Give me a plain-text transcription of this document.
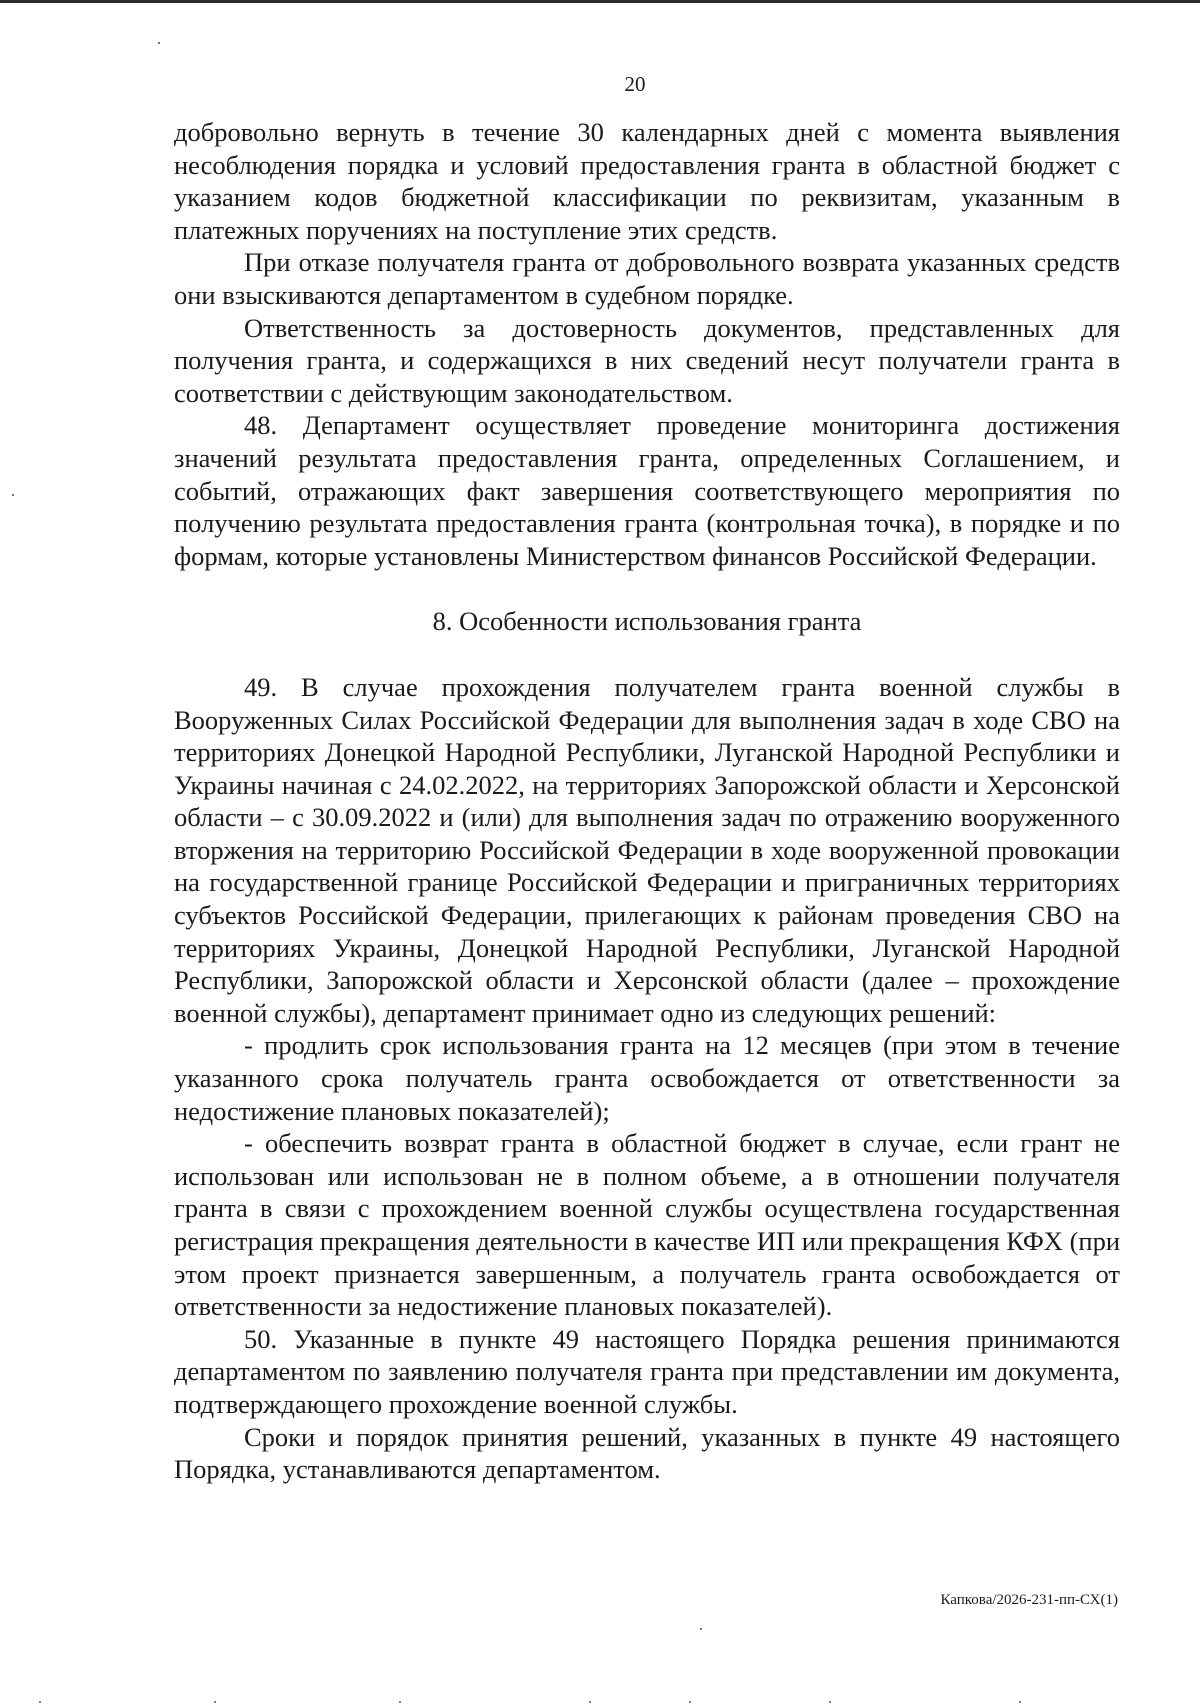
20

добровольно вернуть в течение 30 календарных дней с момента выявления несоблюдения порядка и условий предоставления гранта в областной бюджет с указанием кодов бюджетной классификации по реквизитам, указанным в платежных поручениях на поступление этих средств.

При отказе получателя гранта от добровольного возврата указанных средств они взыскиваются департаментом в судебном порядке.

Ответственность за достоверность документов, представленных для получения гранта, и содержащихся в них сведений несут получатели гранта в соответствии с действующим законодательством.

48. Департамент осуществляет проведение мониторинга достижения значений результата предоставления гранта, определенных Соглашением, и событий, отражающих факт завершения соответствующего мероприятия по получению результата предоставления гранта (контрольная точка), в порядке и по формам, которые установлены Министерством финансов Российской Федерации.

8. Особенности использования гранта

49. В случае прохождения получателем гранта военной службы в Вооруженных Силах Российской Федерации для выполнения задач в ходе СВО на территориях Донецкой Народной Республики, Луганской Народной Республики и Украины начиная с 24.02.2022, на территориях Запорожской области и Херсонской области – с 30.09.2022 и (или) для выполнения задач по отражению вооруженного вторжения на территорию Российской Федерации в ходе вооруженной провокации на государственной границе Российской Федерации и приграничных территориях субъектов Российской Федерации, прилегающих к районам проведения СВО на территориях Украины, Донецкой Народной Республики, Луганской Народной Республики, Запорожской области и Херсонской области (далее – прохождение военной службы), департамент принимает одно из следующих решений:

- продлить срок использования гранта на 12 месяцев (при этом в течение указанного срока получатель гранта освобождается от ответственности за недостижение плановых показателей);

- обеспечить возврат гранта в областной бюджет в случае, если грант не использован или использован не в полном объеме, а в отношении получателя гранта в связи с прохождением военной службы осуществлена государственная регистрация прекращения деятельности в качестве ИП или прекращения КФХ (при этом проект признается завершенным, а получатель гранта освобождается от ответственности за недостижение плановых показателей).

50. Указанные в пункте 49 настоящего Порядка решения принимаются департаментом по заявлению получателя гранта при представлении им документа, подтверждающего прохождение военной службы.

Сроки и порядок принятия решений, указанных в пункте 49 настоящего Порядка, устанавливаются департаментом.

Капкова/2026-231-пп-СХ(1)
